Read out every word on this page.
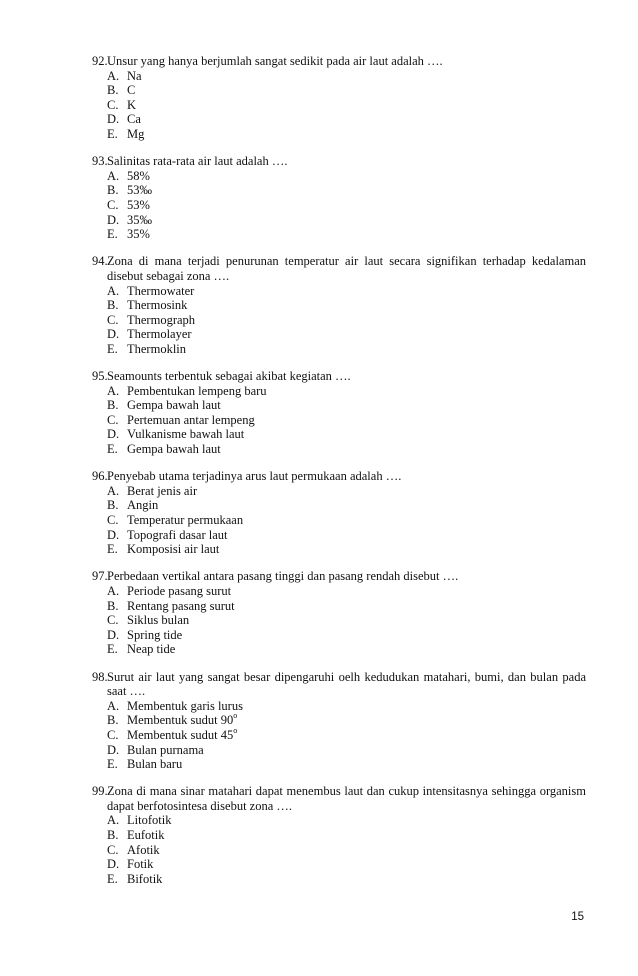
92. Unsur yang hanya berjumlah sangat sedikit pada air laut adalah ….
A. Na
B. C
C. K
D. Ca
E. Mg
93. Salinitas rata-rata air laut adalah ….
A. 58%
B. 53‰
C. 53%
D. 35‰
E. 35%
94. Zona di mana terjadi penurunan temperatur air laut secara signifikan terhadap kedalaman disebut sebagai zona ….
A. Thermowater
B. Thermosink
C. Thermograph
D. Thermolayer
E. Thermoklin
95. Seamounts terbentuk sebagai akibat kegiatan ….
A. Pembentukan lempeng baru
B. Gempa bawah laut
C. Pertemuan antar lempeng
D. Vulkanisme bawah laut
E. Gempa bawah laut
96. Penyebab utama terjadinya arus laut permukaan adalah ….
A. Berat jenis air
B. Angin
C. Temperatur permukaan
D. Topografi dasar laut
E. Komposisi air laut
97. Perbedaan vertikal antara pasang tinggi dan pasang rendah disebut ….
A. Periode pasang surut
B. Rentang pasang surut
C. Siklus bulan
D. Spring tide
E. Neap tide
98. Surut air laut yang sangat besar dipengaruhi oelh kedudukan matahari, bumi, dan bulan pada saat ….
A. Membentuk garis lurus
B. Membentuk sudut 90$^o$
C. Membentuk sudut 45$^o$
D. Bulan purnama
E. Bulan baru
99. Zona di mana sinar matahari dapat menembus laut dan cukup intensitasnya sehingga organism dapat berfotosintesa disebut zona ….
A. Litofotik
B. Eufotik
C. Afotik
D. Fotik
E. Bifotik
15
